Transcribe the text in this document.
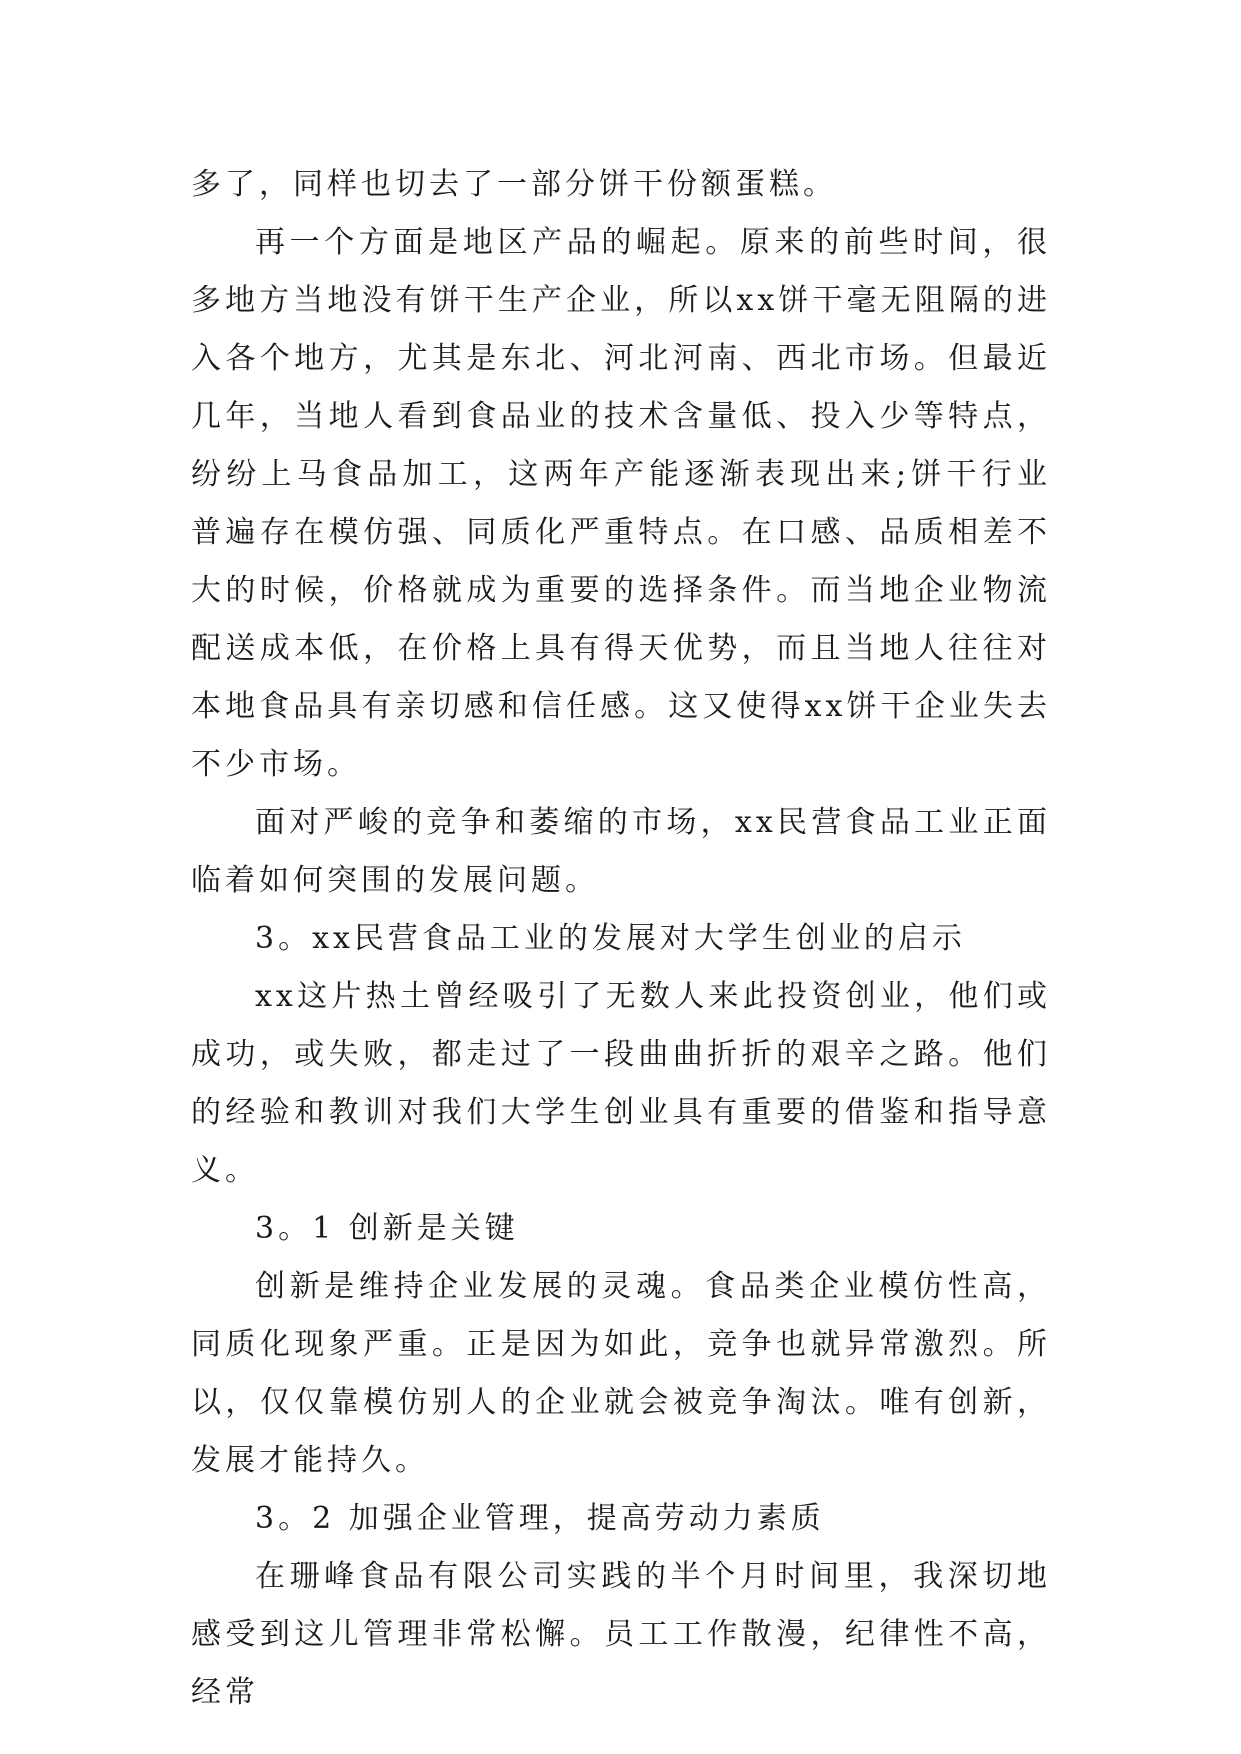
多了，同样也切去了一部分饼干份额蛋糕。

再一个方面是地区产品的崛起。原来的前些时间，很多地方当地没有饼干生产企业，所以xx饼干毫无阻隔的进入各个地方，尤其是东北、河北河南、西北市场。但最近几年，当地人看到食品业的技术含量低、投入少等特点，纷纷上马食品加工，这两年产能逐渐表现出来;饼干行业普遍存在模仿强、同质化严重特点。在口感、品质相差不大的时候，价格就成为重要的选择条件。而当地企业物流配送成本低，在价格上具有得天优势，而且当地人往往对本地食品具有亲切感和信任感。这又使得xx饼干企业失去不少市场。

面对严峻的竞争和萎缩的市场，xx民营食品工业正面临着如何突围的发展问题。

3。xx民营食品工业的发展对大学生创业的启示

xx这片热土曾经吸引了无数人来此投资创业，他们或成功，或失败，都走过了一段曲曲折折的艰辛之路。他们的经验和教训对我们大学生创业具有重要的借鉴和指导意义。

3。1 创新是关键

创新是维持企业发展的灵魂。食品类企业模仿性高，同质化现象严重。正是因为如此，竞争也就异常激烈。所以，仅仅靠模仿别人的企业就会被竞争淘汰。唯有创新，发展才能持久。

3。2 加强企业管理，提高劳动力素质

在珊峰食品有限公司实践的半个月时间里，我深切地感受到这儿管理非常松懈。员工工作散漫，纪律性不高，经常
